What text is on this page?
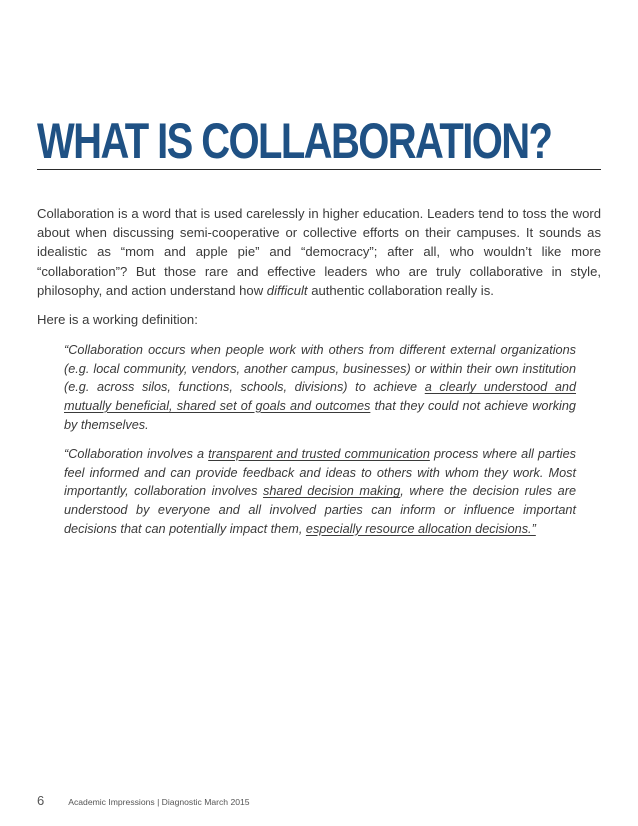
WHAT IS COLLABORATION?

Collaboration is a word that is used carelessly in higher education. Leaders tend to toss the word about when discussing semi-cooperative or collective efforts on their campuses. It sounds as idealistic as “mom and apple pie” and “democracy”; after all, who wouldn’t like more “collaboration”? But those rare and effective leaders who are truly collaborative in style, philosophy, and action understand how difficult authentic collaboration really is.

Here is a working definition:

“Collaboration occurs when people work with others from different external organizations (e.g. local community, vendors, another campus, businesses) or within their own institution (e.g. across silos, functions, schools, divisions) to achieve a clearly understood and mutually beneficial, shared set of goals and outcomes that they could not achieve working by themselves.

“Collaboration involves a transparent and trusted communication process where all parties feel informed and can provide feedback and ideas to others with whom they work. Most importantly, collaboration involves shared decision making, where the decision rules are understood by everyone and all involved parties can inform or influence important decisions that can potentially impact them, especially resource allocation decisions.”

6	Academic Impressions | Diagnostic March 2015
